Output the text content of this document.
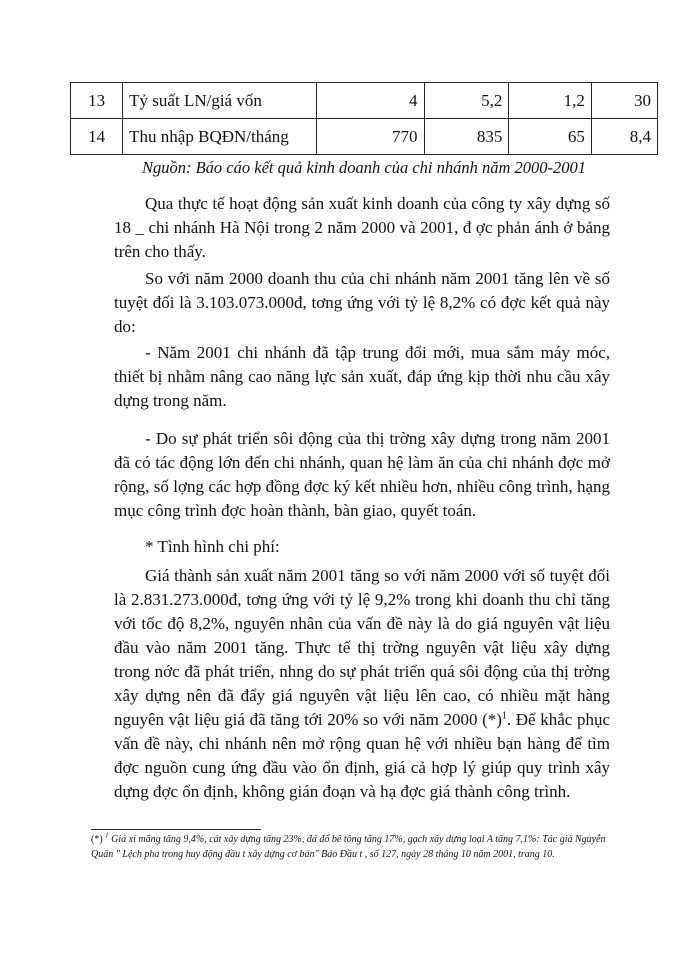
13	Tỷ suất LN/giá vốn	4	5,2	1,2	30
14	Thu nhập BQĐN/tháng	770	835	65	8,4
Nguồn: Báo cáo kết quả kinh doanh của chi nhánh năm 2000-2001

Qua thực tế hoạt động sản xuất kinh doanh của công ty xây dựng số 18 _ chi nhánh Hà Nội trong 2 năm 2000 và 2001, đ ợc phản ánh ở bảng trên cho thấy.

So với năm 2000 doanh thu của chi nhánh năm 2001 tăng lên về số tuyệt đối là 3.103.073.000đ, tơng ứng với tỷ lệ 8,2% có đợc kết quả này do:

- Năm 2001 chi nhánh đã tập trung đổi mới, mua sắm máy móc, thiết bị nhằm nâng cao năng lực sản xuất, đáp ứng kịp thời nhu cầu xây dựng trong năm.

- Do sự phát triển sôi động của thị trờng xây dựng trong năm 2001 đã có tác động lớn đến chi nhánh, quan hệ làm ăn của chi nhánh đợc mở rộng, số lợng các hợp đồng đợc ký kết nhiều hơn, nhiều công trình, hạng mục công trình đợc hoàn thành, bàn giao, quyết toán.

* Tình hình chi phí:

Giá thành sản xuất năm 2001 tăng so với năm 2000 với số tuyệt đối là 2.831.273.000đ, tơng ứng với tỷ lệ 9,2% trong khi doanh thu chỉ tăng với tốc độ 8,2%, nguyên nhân của vấn đề này là do giá nguyên vật liệu đầu vào năm 2001 tăng. Thực tế thị trờng nguyên vật liệu xây dựng trong nớc đã phát triển, nhng do sự phát triển quá sôi động của thị trờng xây dựng nên đã đẩy giá nguyên vật liệu lên cao, có nhiều mặt hàng nguyên vật liệu giá đã tăng tới 20% so với năm 2000 $(*)^1$. Để khắc phục vấn đề này, chi nhánh nên mở rộng quan hệ với nhiều bạn hàng để tìm đợc nguồn cung ứng đầu vào ổn định, giá cả hợp lý giúp quy trình xây dựng đợc ổn định, không gián đoạn và hạ đợc giá thành công trình.

(*) $^1$ Giá xi măng tăng 9,4%, cát xây dựng tăng 23%, đá đổ bê tông tăng 17%, gạch xây dựng loại A tăng 7,1%: Tác giả Nguyễn Quân " Lệch pha trong huy động đầu t xây dựng cơ bản" Báo Đầu t , số 127, ngày 28 tháng 10 năm 2001, trang 10.
